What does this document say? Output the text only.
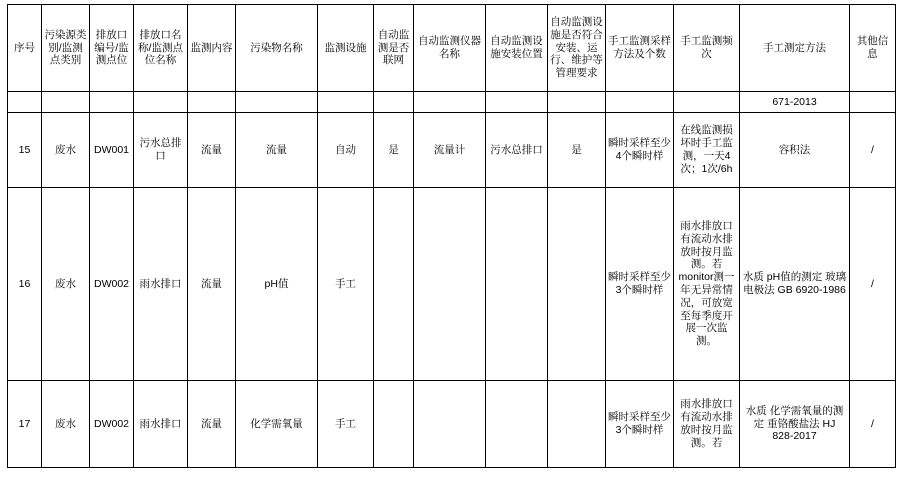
序号	污染源类别/监测点类别	排放口编号/监测点位	排放口名称/监测点位名称	监测内容	污染物名称	监测设施	自动监测是否联网	自动监测仪器名称	自动监测设施安装位置	自动监测设施是否符合安装、运行、维护等管理要求	手工监测采样方法及个数	手工监测频次	手工测定方法	其他信息
													671-2013	
15	废水	DW001	污水总排口	流量	流量	自动	是	流量计	污水总排口	是	瞬时采样至少4个瞬时样	在线监测损坏时手工监测，一天4次；1次/6h	容积法	/
16	废水	DW002	雨水排口	流量	pH值	手工					瞬时采样至少3个瞬时样	雨水排放口有流动水排放时按月监测。若monitor测一年无异常情况，可放宽至每季度开展一次监测。	水质 pH值的测定 玻璃电极法 GB 6920-1986	/
17	废水	DW002	雨水排口	流量	化学需氧量	手工					瞬时采样至少3个瞬时样	雨水排放口有流动水排放时按月监测。若	水质 化学需氧量的测定 重铬酸盐法 HJ 828-2017	/
